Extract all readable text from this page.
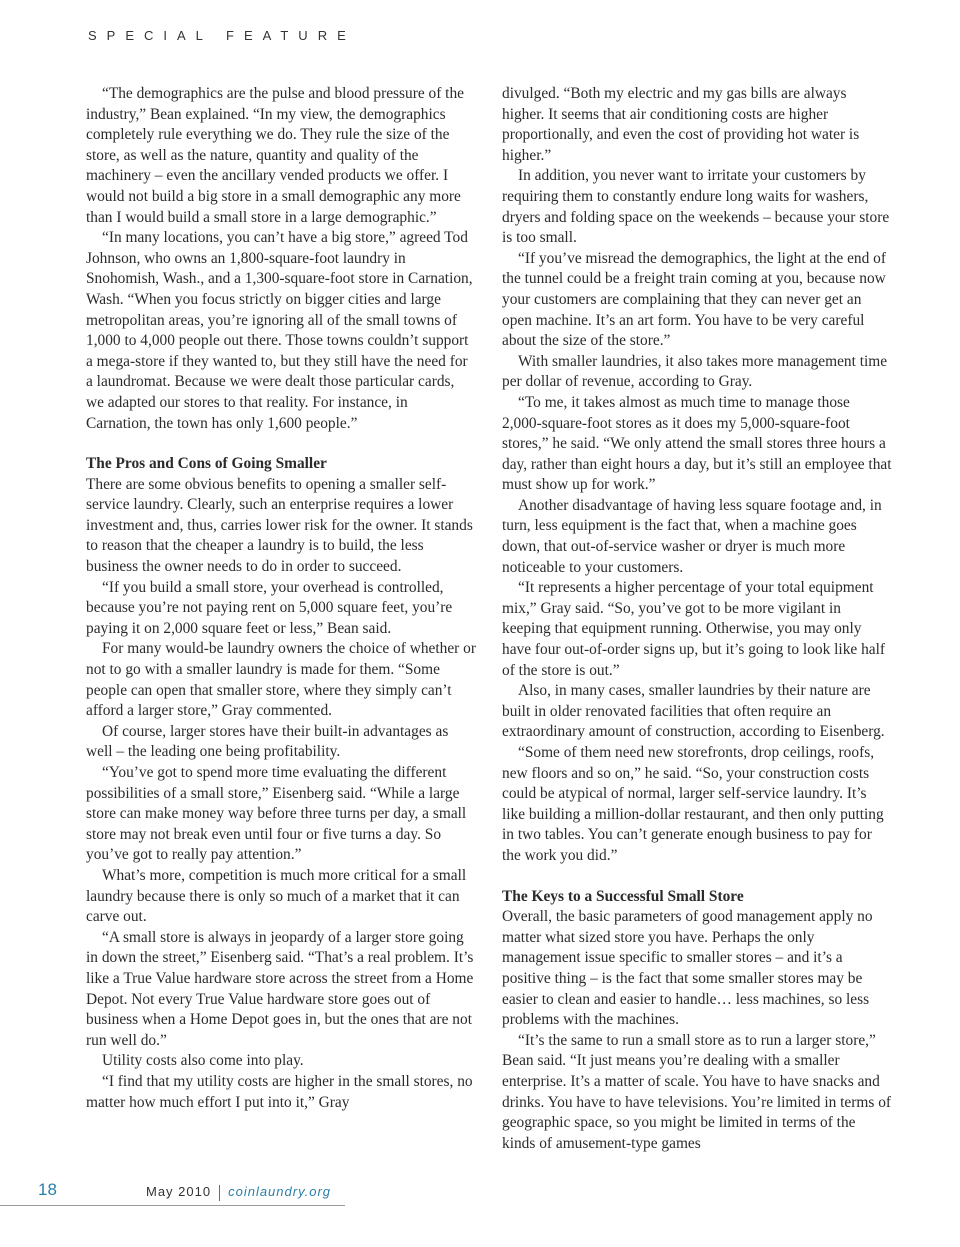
SPECIAL FEATURE

“The demographics are the pulse and blood pressure of the industry,” Bean explained. “In my view, the demographics completely rule everything we do. They rule the size of the store, as well as the nature, quantity and quality of the machinery – even the ancillary vended products we offer. I would not build a big store in a small demographic any more than I would build a small store in a large demographic.”

“In many locations, you can’t have a big store,” agreed Tod Johnson, who owns an 1,800-square-foot laundry in Snohomish, Wash., and a 1,300-square-foot store in Carnation, Wash. “When you focus strictly on bigger cities and large metropolitan areas, you’re ignoring all of the small towns of 1,000 to 4,000 people out there. Those towns couldn’t support a mega-store if they wanted to, but they still have the need for a laundromat. Because we were dealt those particular cards, we adapted our stores to that reality. For instance, in Carnation, the town has only 1,600 people.”

The Pros and Cons of Going Smaller

There are some obvious benefits to opening a smaller self-service laundry. Clearly, such an enterprise requires a lower investment and, thus, carries lower risk for the owner. It stands to reason that the cheaper a laundry is to build, the less business the owner needs to do in order to succeed.

“If you build a small store, your overhead is controlled, because you’re not paying rent on 5,000 square feet, you’re paying it on 2,000 square feet or less,” Bean said.

For many would-be laundry owners the choice of whether or not to go with a smaller laundry is made for them. “Some people can open that smaller store, where they simply can’t afford a larger store,” Gray commented.

Of course, larger stores have their built-in advantages as well – the leading one being profitability.

“You’ve got to spend more time evaluating the different possibilities of a small store,” Eisenberg said. “While a large store can make money way before three turns per day, a small store may not break even until four or five turns a day. So you’ve got to really pay attention.”

What’s more, competition is much more critical for a small laundry because there is only so much of a market that it can carve out.

“A small store is always in jeopardy of a larger store going in down the street,” Eisenberg said. “That’s a real problem. It’s like a True Value hardware store across the street from a Home Depot. Not every True Value hardware store goes out of business when a Home Depot goes in, but the ones that are not run well do.”

Utility costs also come into play.

“I find that my utility costs are higher in the small stores, no matter how much effort I put into it,” Gray

divulged. “Both my electric and my gas bills are always higher. It seems that air conditioning costs are higher proportionally, and even the cost of providing hot water is higher.”

In addition, you never want to irritate your customers by requiring them to constantly endure long waits for washers, dryers and folding space on the weekends – because your store is too small.

“If you’ve misread the demographics, the light at the end of the tunnel could be a freight train coming at you, because now your customers are complaining that they can never get an open machine. It’s an art form. You have to be very careful about the size of the store.”

With smaller laundries, it also takes more management time per dollar of revenue, according to Gray.

“To me, it takes almost as much time to manage those 2,000-square-foot stores as it does my 5,000-square-foot stores,” he said. “We only attend the small stores three hours a day, rather than eight hours a day, but it’s still an employee that must show up for work.”

Another disadvantage of having less square footage and, in turn, less equipment is the fact that, when a machine goes down, that out-of-service washer or dryer is much more noticeable to your customers.

“It represents a higher percentage of your total equipment mix,” Gray said. “So, you’ve got to be more vigilant in keeping that equipment running. Otherwise, you may only have four out-of-order signs up, but it’s going to look like half of the store is out.”

Also, in many cases, smaller laundries by their nature are built in older renovated facilities that often require an extraordinary amount of construction, according to Eisenberg.

“Some of them need new storefronts, drop ceilings, roofs, new floors and so on,” he said. “So, your construction costs could be atypical of normal, larger self-service laundry. It’s like building a million-dollar restaurant, and then only putting in two tables. You can’t generate enough business to pay for the work you did.”

The Keys to a Successful Small Store

Overall, the basic parameters of good management apply no matter what sized store you have. Perhaps the only management issue specific to smaller stores – and it’s a positive thing – is the fact that some smaller stores may be easier to clean and easier to handle… less machines, so less problems with the machines.

“It’s the same to run a small store as to run a larger store,” Bean said. “It just means you’re dealing with a smaller enterprise. It’s a matter of scale. You have to have snacks and drinks. You have to have televisions. You’re limited in terms of geographic space, so you might be limited in terms of the kinds of amusement-type games

18	May 2010 coinlaundry.org
